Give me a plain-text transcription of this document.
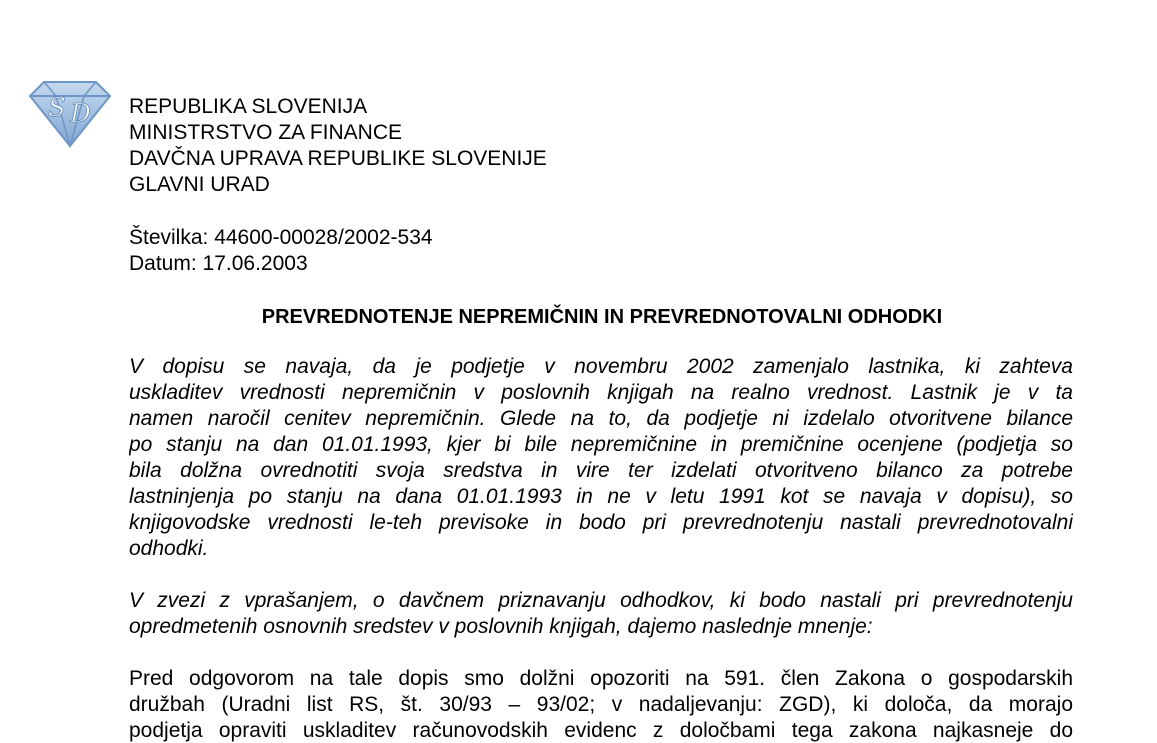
S D REPUBLIKA SLOVENIJA
MINISTRSTVO ZA FINANCE
DAVČNA UPRAVA REPUBLIKE SLOVENIJE
GLAVNI URAD
Številka: 44600-00028/2002-534
Datum: 17.06.2003
PREVREDNOTENJE NEPREMIČNIN IN PREVREDNOTOVALNI ODHODKI

V dopisu se navaja, da je podjetje v novembru 2002 zamenjalo lastnika, ki zahteva
uskladitev vrednosti nepremičnin v poslovnih knjigah na realno vrednost. Lastnik je v ta
namen naročil cenitev nepremičnin. Glede na to, da podjetje ni izdelalo otvoritvene bilance
po stanju na dan 01.01.1993, kjer bi bile nepremičnine in premičnine ocenjene (podjetja so
bila dolžna ovrednotiti svoja sredstva in vire ter izdelati otvoritveno bilanco za potrebe
lastninjenja po stanju na dana 01.01.1993 in ne v letu 1991 kot se navaja v dopisu), so
knjigovodske vrednosti le-teh previsoke in bodo pri prevrednotenju nastali prevrednotovalni
odhodki.

V zvezi z vprašanjem, o davčnem priznavanju odhodkov, ki bodo nastali pri prevrednotenju
opredmetenih osnovnih sredstev v poslovnih knjigah, dajemo naslednje mnenje:

Pred odgovorom na tale dopis smo dolžni opozoriti na 591. člen Zakona o gospodarskih
družbah (Uradni list RS, št. 30/93 – 93/02; v nadaljevanju: ZGD), ki določa, da morajo
podjetja opraviti uskladitev računovodskih evidenc z določbami tega zakona najkasneje do
